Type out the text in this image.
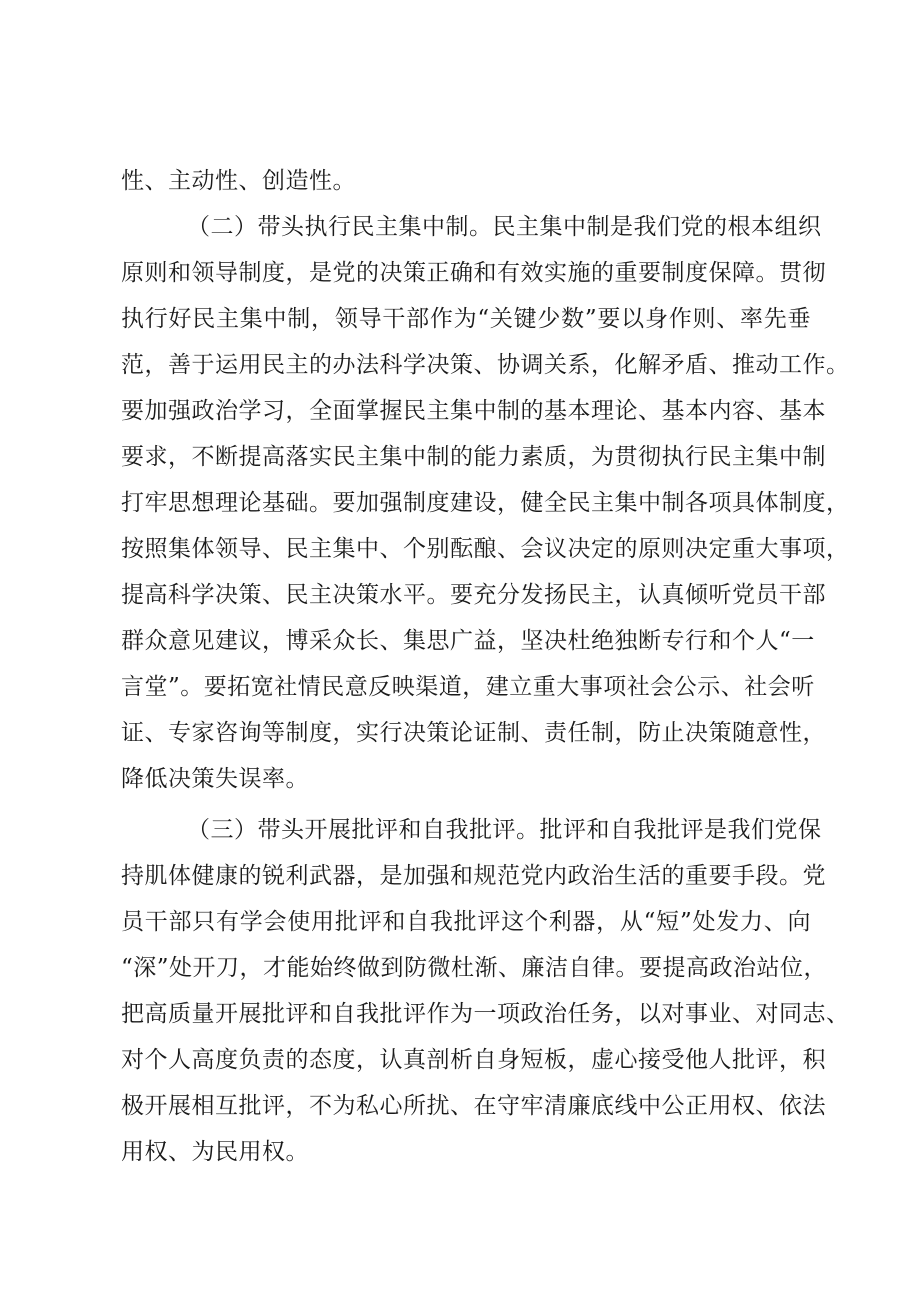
性、主动性、创造性。
（二）带头执行民主集中制。民主集中制是我们党的根本组织
原则和领导制度，是党的决策正确和有效实施的重要制度保障。贯彻
执行好民主集中制，领导干部作为“关键少数”要以身作则、率先垂
范，善于运用民主的办法科学决策、协调关系，化解矛盾、推动工作。
要加强政治学习，全面掌握民主集中制的基本理论、基本内容、基本
要求，不断提高落实民主集中制的能力素质，为贯彻执行民主集中制
打牢思想理论基础。要加强制度建设，健全民主集中制各项具体制度，
按照集体领导、民主集中、个别酝酿、会议决定的原则决定重大事项，
提高科学决策、民主决策水平。要充分发扬民主，认真倾听党员干部
群众意见建议，博采众长、集思广益，坚决杜绝独断专行和个人“一
言堂”。要拓宽社情民意反映渠道，建立重大事项社会公示、社会听
证、专家咨询等制度，实行决策论证制、责任制，防止决策随意性，
降低决策失误率。
（三）带头开展批评和自我批评。批评和自我批评是我们党保
持肌体健康的锐利武器，是加强和规范党内政治生活的重要手段。党
员干部只有学会使用批评和自我批评这个利器，从“短”处发力、向
“深”处开刀，才能始终做到防微杜渐、廉洁自律。要提高政治站位，
把高质量开展批评和自我批评作为一项政治任务，以对事业、对同志、
对个人高度负责的态度，认真剖析自身短板，虚心接受他人批评，积
极开展相互批评，不为私心所扰、在守牢清廉底线中公正用权、依法
用权、为民用权。
